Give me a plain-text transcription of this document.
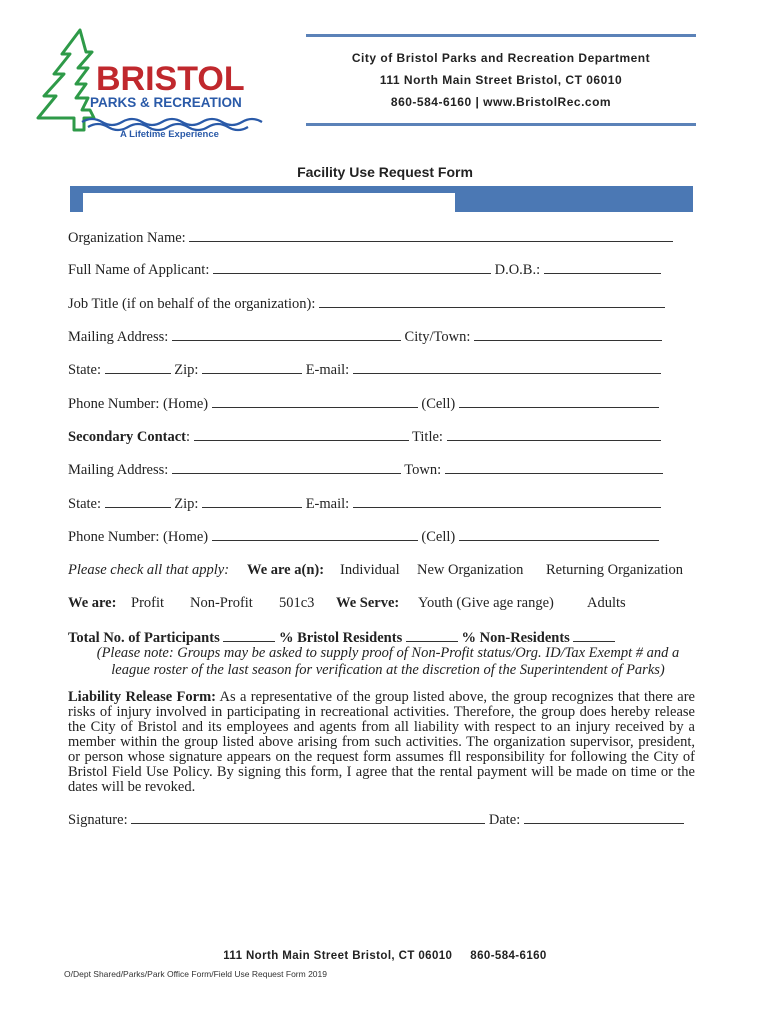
BRISTOL
PARKS & RECREATION
A Lifetime Experience
City of Bristol Parks and Recreation Department
111 North Main Street Bristol, CT 06010
860-584-6160 | www.BristolRec.com
Facility Use Request Form
Organization Name:
Full Name of Applicant:	D.O.B.:
Job Title (if on behalf of the organization):
Mailing Address:	City/Town:
State:	Zip:	E-mail:
Phone Number: (Home)	(Cell)
Secondary Contact:	Title:
Mailing Address:	Town:
State:	Zip:	E-mail:
Phone Number: (Home)	(Cell)
Please check all that apply: We are a(n): Individual New Organization Returning Organization
We are: Profit Non-Profit 501c3 We Serve: Youth (Give age range) Adults
Total No. of Participants	% Bristol Residents	% Non-Residents
(Please note: Groups may be asked to supply proof of Non-Profit status/Org. ID/Tax Exempt # and a
league roster of the last season for verification at the discretion of the Superintendent of Parks)
Liability Release Form: As a representative of the group listed above, the group recognizes that there are risks of injury involved in participating in recreational activities. Therefore, the group does hereby release the City of Bristol and its employees and agents from all liability with respect to an injury received by a member within the group listed above arising from such activities. The organization supervisor, president, or person whose signature appears on the request form assumes fll responsibility for following the City of Bristol Field Use Policy. By signing this form, I agree that the rental payment will be made on time or the dates will be revoked.
Signature:	Date:
111 North Main Street Bristol, CT 06010     860-584-6160
O/Dept Shared/Parks/Park Office Form/Field Use Request Form 2019
